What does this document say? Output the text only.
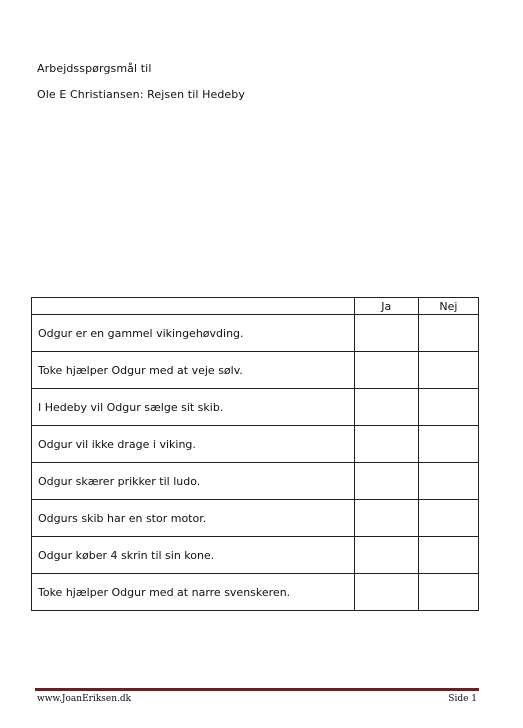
Arbejdsspørgsmål til
Ole E Christiansen: Rejsen til Hedeby
	Ja	Nej
Odgur er en gammel vikingehøvding.		
Toke hjælper Odgur med at veje sølv.		
I Hedeby vil Odgur sælge sit skib.		
Odgur vil ikke drage i viking.		
Odgur skærer prikker til ludo.		
Odgurs skib har en stor motor.		
Odgur køber 4 skrin til sin kone.		
Toke hjælper Odgur med at narre svenskeren.		
www.JoanEriksen.dk	Side 1
